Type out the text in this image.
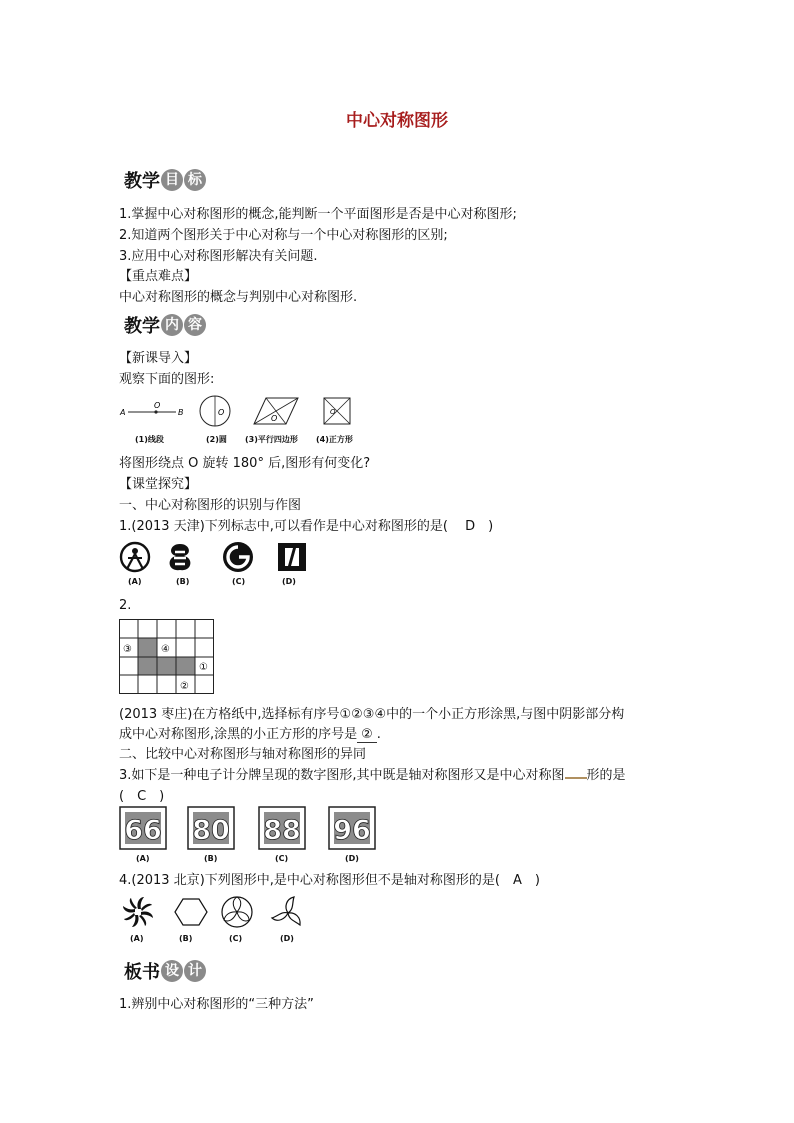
中心对称图形
教学 目 标
1.掌握中心对称图形的概念,能判断一个平面图形是否是中心对称图形;
2.知道两个图形关于中心对称与一个中心对称图形的区别;
3.应用中心对称图形解决有关问题.
【重点难点】
中心对称图形的概念与判别中心对称图形.
教学 内 容
【新课导入】
观察下面的图形:
A
O
B	O
O
O
(1)线段	(2)圆 (3)平行四边形 (4)正方形
将图形绕点 O 旋转 180° 后,图形有何变化?
【课堂探究】
一、中心对称图形的识别与作图
1.(2013 天津)下列标志中,可以看作是中心对称图形的是(　 D　)
(A)	(B)	(C)	(D)
2.
③	④
①
②
(2013 枣庄)在方格纸中,选择标有序号①②③④中的一个小正方形涂黑,与图中阴影部分构
成中心对称图形,涂黑的小正方形的序号是 ② .
二、比较中心对称图形与轴对称图形的异同
3.如下是一种电子计分牌呈现的数字图形,其中既是轴对称图形又是中心对称图 形的是
(　C　)
66 80 88 96
(A)	(B)	(C)	(D)
4.(2013 北京)下列图形中,是中心对称图形但不是轴对称图形的是(　A　)
(A)	(B)	(C)	(D)
板书 设 计
1.辨别中心对称图形的“三种方法”
